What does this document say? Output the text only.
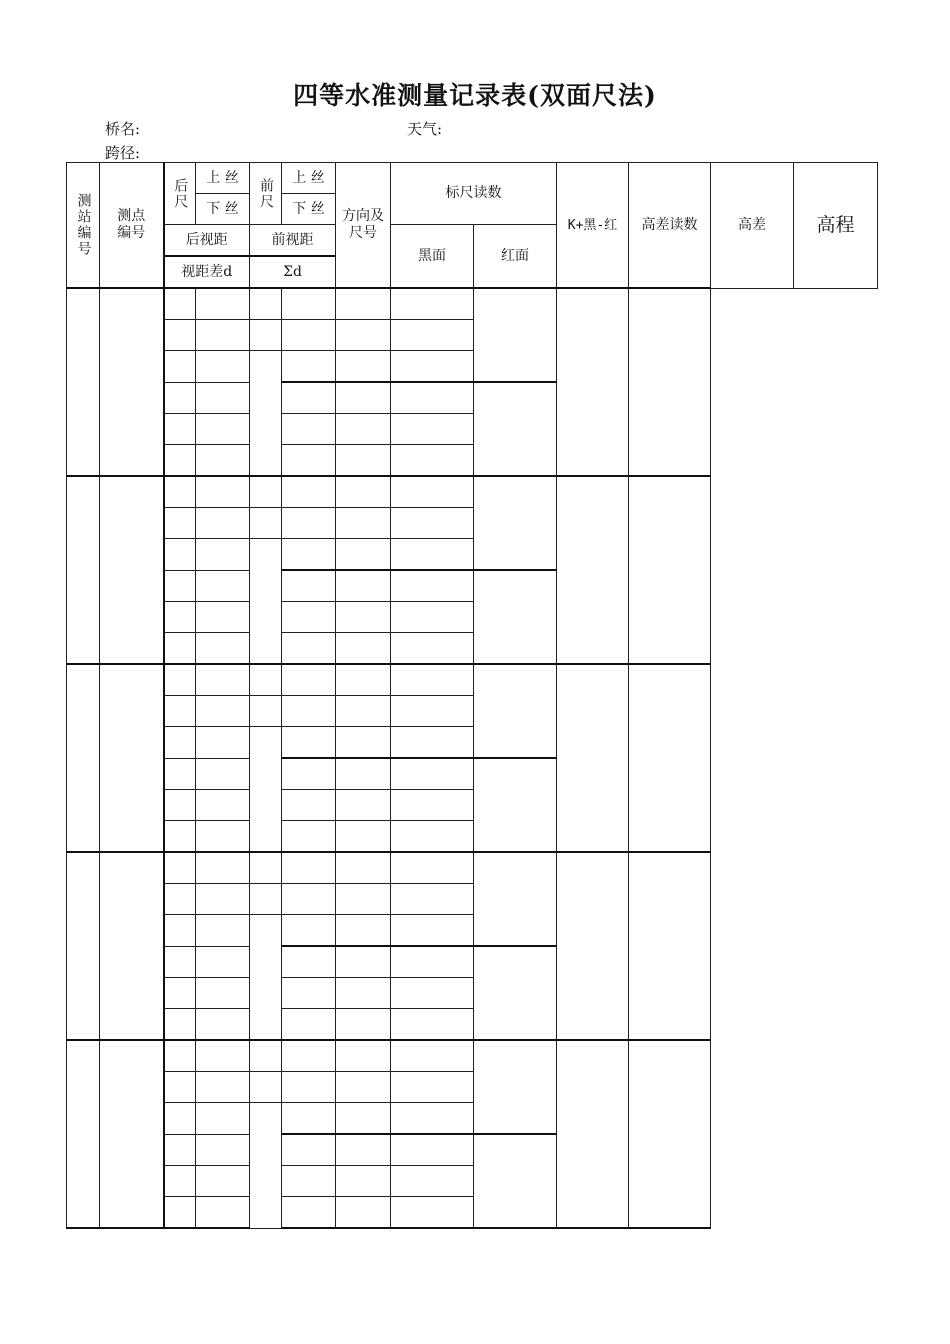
四等水准测量记录表(双面尺法)
桥名:	天气:
跨径:
测站编号	测点编号	后尺	上 丝	前尺	上 丝	方向及尺号	标尺读数		K+黑-红	高差读数	高差	高程
			下 丝		下 丝							
		后视距		前视距			黑面	红面				
		视距差d		Σd								
